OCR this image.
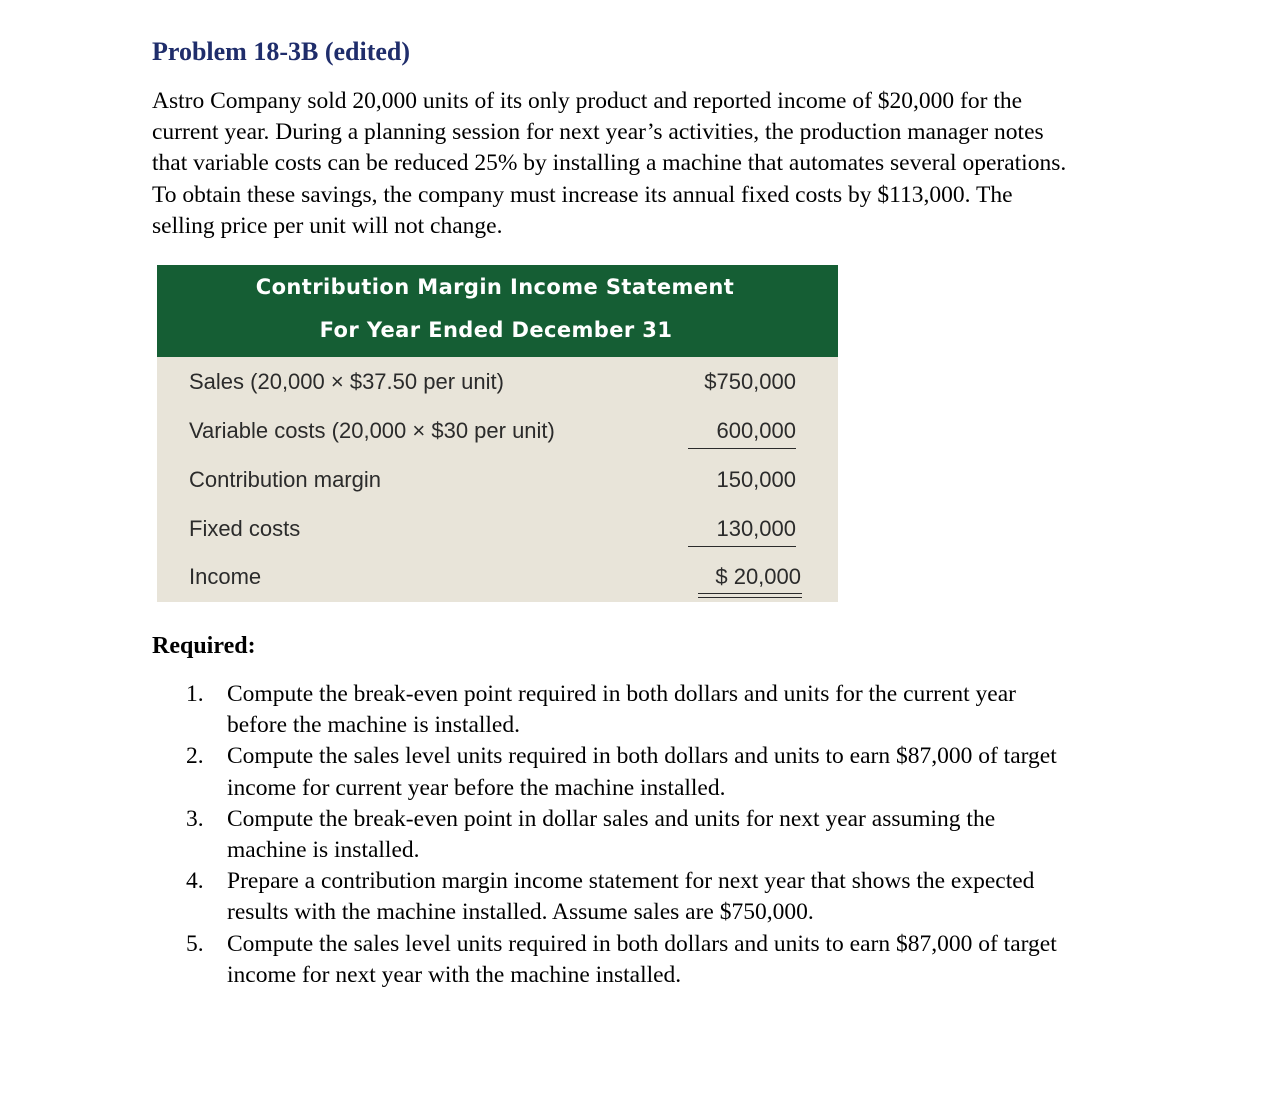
Problem 18-3B (edited)

Astro Company sold 20,000 units of its only product and reported income of $20,000 for the
current year. During a planning session for next year’s activities, the production manager notes
that variable costs can be reduced 25% by installing a machine that automates several operations.
To obtain these savings, the company must increase its annual fixed costs by $113,000. The
selling price per unit will not change.

Contribution Margin Income Statement
For Year Ended December 31
Sales (20,000 × $37.50 per unit)	$750,000
Variable costs (20,000 × $30 per unit)	600,000
Contribution margin	150,000
Fixed costs	130,000
Income	$ 20,000
Required:
1. Compute the break-even point required in both dollars and units for the current year
before the machine is installed.
2. Compute the sales level units required in both dollars and units to earn $87,000 of target
income for current year before the machine installed.
3. Compute the break-even point in dollar sales and units for next year assuming the
machine is installed.
4. Prepare a contribution margin income statement for next year that shows the expected
results with the machine installed. Assume sales are $750,000.
5. Compute the sales level units required in both dollars and units to earn $87,000 of target
income for next year with the machine installed.
